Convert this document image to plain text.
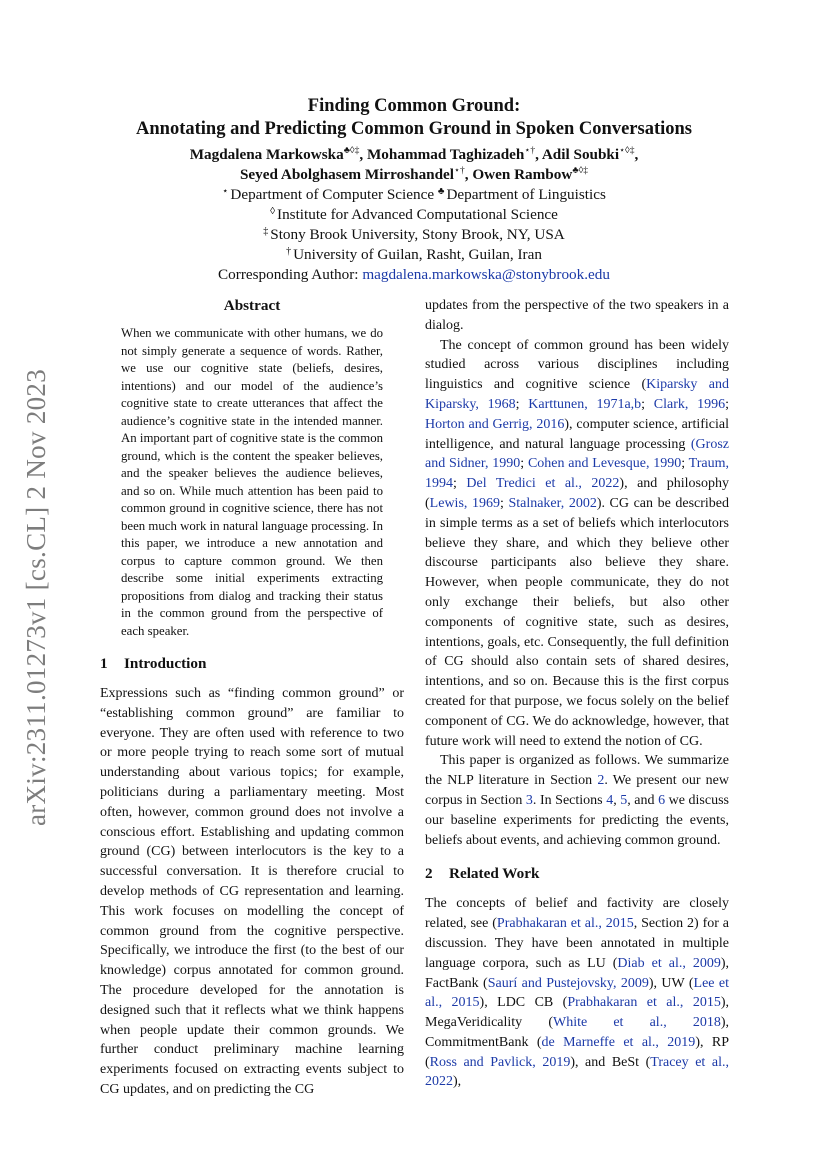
arXiv:2311.01273v1 [cs.CL] 2 Nov 2023
Finding Common Ground:
Annotating and Predicting Common Ground in Spoken Conversations
Magdalena Markowska♣◊‡, Mohammad Taghizadeh⋆†, Adil Soubki⋆◊‡,
Seyed Abolghasem Mirroshandel⋆†, Owen Rambow♣◊‡
⋆ Department of Computer Science ♣ Department of Linguistics
◊ Institute for Advanced Computational Science
‡ Stony Brook University, Stony Brook, NY, USA
† University of Guilan, Rasht, Guilan, Iran
Corresponding Author: magdalena.markowska@stonybrook.edu
Abstract

When we communicate with other humans, we do not simply generate a sequence of words. Rather, we use our cognitive state (beliefs, desires, intentions) and our model of the audience’s cognitive state to create utterances that affect the audience’s cognitive state in the intended manner. An important part of cognitive state is the common ground, which is the content the speaker believes, and the speaker believes the audience believes, and so on. While much attention has been paid to common ground in cognitive science, there has not been much work in natural language processing. In this paper, we introduce a new annotation and corpus to capture common ground. We then describe some initial experiments extracting propositions from dialog and tracking their status in the common ground from the perspective of each speaker.

1 Introduction

Expressions such as “finding common ground” or “establishing common ground” are familiar to everyone. They are often used with reference to two or more people trying to reach some sort of mutual understanding about various topics; for example, politicians during a parliamentary meeting. Most often, however, common ground does not involve a conscious effort. Establishing and updating common ground (CG) between interlocutors is the key to a successful conversation. It is therefore crucial to develop methods of CG representation and learning. This work focuses on modelling the concept of common ground from the cognitive perspective. Specifically, we introduce the first (to the best of our knowledge) corpus annotated for common ground. The procedure developed for the annotation is designed such that it reflects what we think happens when people update their common grounds. We further conduct preliminary machine learning experiments focused on extracting events subject to CG updates, and on predicting the CG

updates from the perspective of the two speakers in a dialog.

The concept of common ground has been widely studied across various disciplines including linguistics and cognitive science (Kiparsky and Kiparsky, 1968; Karttunen, 1971a,b; Clark, 1996; Horton and Gerrig, 2016), computer science, artificial intelligence, and natural language processing (Grosz and Sidner, 1990; Cohen and Levesque, 1990; Traum, 1994; Del Tredici et al., 2022), and philosophy (Lewis, 1969; Stalnaker, 2002). CG can be described in simple terms as a set of beliefs which interlocutors believe they share, and which they believe other discourse participants also believe they share. However, when people communicate, they do not only exchange their beliefs, but also other components of cognitive state, such as desires, intentions, goals, etc. Consequently, the full definition of CG should also contain sets of shared desires, intentions, and so on. Because this is the first corpus created for that purpose, we focus solely on the belief component of CG. We do acknowledge, however, that future work will need to extend the notion of CG.

This paper is organized as follows. We summarize the NLP literature in Section 2. We present our new corpus in Section 3. In Sections 4, 5, and 6 we discuss our baseline experiments for predicting the events, beliefs about events, and achieving common ground.

2 Related Work

The concepts of belief and factivity are closely related, see (Prabhakaran et al., 2015, Section 2) for a discussion. They have been annotated in multiple language corpora, such as LU (Diab et al., 2009), FactBank (Saurí and Pustejovsky, 2009), UW (Lee et al., 2015), LDC CB (Prabhakaran et al., 2015), MegaVeridicality (White et al., 2018), CommitmentBank (de Marneffe et al., 2019), RP (Ross and Pavlick, 2019), and BeSt (Tracey et al., 2022),
